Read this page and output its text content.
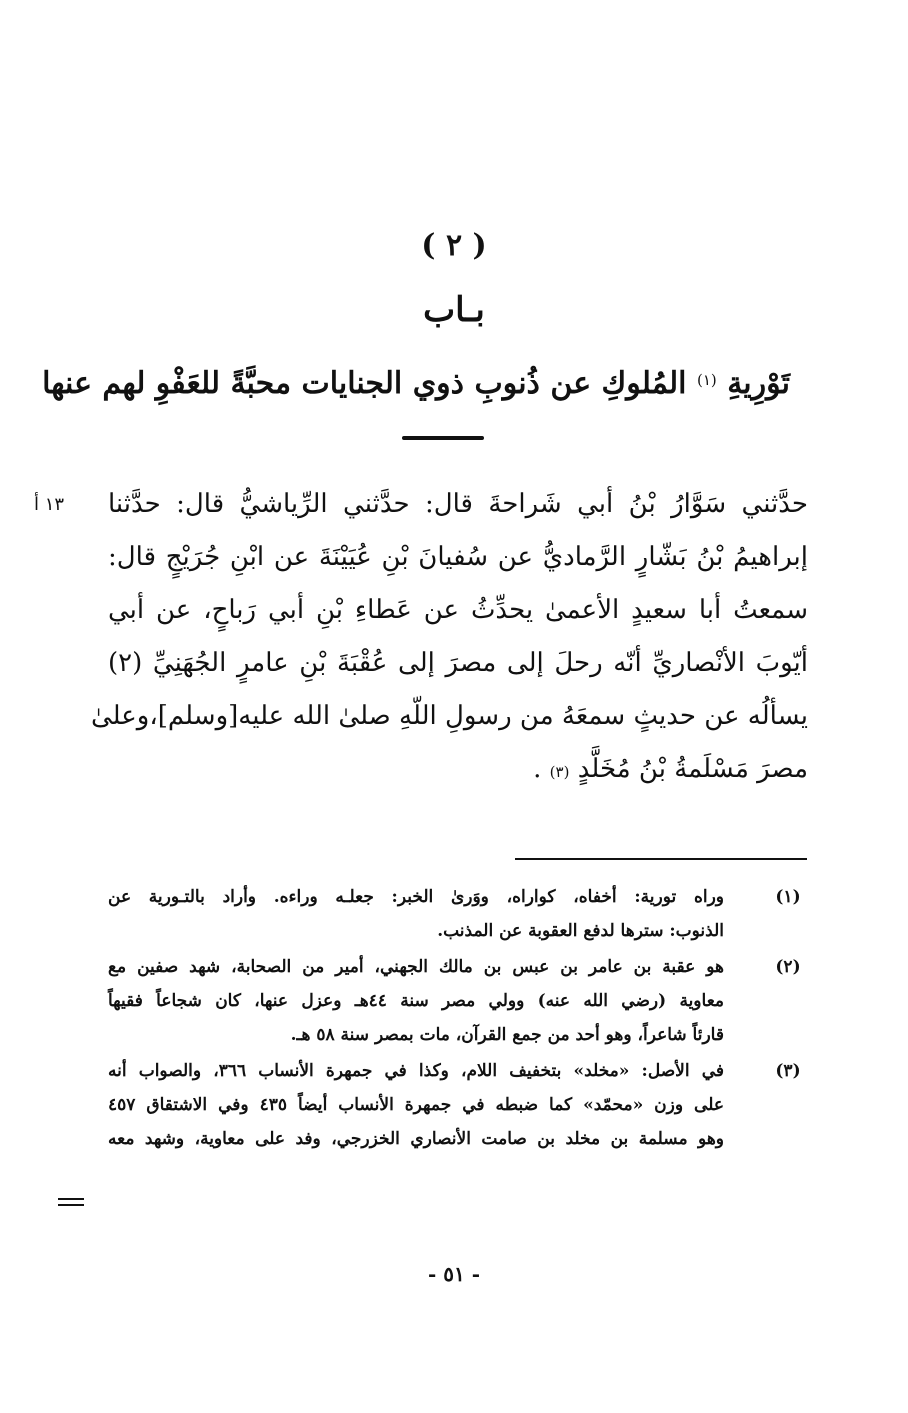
( ٢ )
بـاب
تَوْرِيةِ $^{(١)}$ المُلوكِ عن ذُنوبِ ذوي الجنايات محبَّةً للعَفْوِ لهم عنها
١٣ أ	حدَّثني سَوَّارُ بْنُ أبي شَراحةَ قال: حدَّثني الرِّياشيُّ قال: حدَّثنا
إبراهيمُ بْنُ بَشّارٍ الرَّماديُّ عن سُفيانَ بْنِ عُيَيْنَةَ عن ابْنِ جُرَيْجٍ قال:
سمعتُ أبا سعيدٍ الأعمىٰ يحدِّثُ عن عَطاءِ بْنِ أبي رَباحٍ، عن أبي
أيّوبَ الأنْصاريِّ أنّه رحلَ إلى مصرَ إلى عُقْبَةَ بْنِ عامرٍ الجُهَنِيِّ (٢)
يسألُه عن حديثٍ سمعَهُ من رسولِ اللّهِ صلىٰ الله عليه[وسلم]،وعلىٰ
مصرَ مَسْلَمةُ بْنُ مُخَلَّدٍ (٣) .
(١)
وراه تورية: أخفاه، كواراه، ووَرىٰ الخبر: جعلـه وراءه. وأراد بالتـورية عن
الذنوب: سترها لدفع العقوبة عن المذنب.
(٢)
هو عقبة بن عامر بن عبس بن مالك الجهني، أمير من الصحابة، شهد صفين مع
معاوية (رضي الله عنه) وولي مصر سنة ٤٤هـ وعزل عنها، كان شجاعاً فقيهاً
قارئاً شاعراً، وهو أحد من جمع القرآن، مات بمصر سنة ٥٨ هـ.
(٣)
في الأصل: «مخلد» بتخفيف اللام، وكذا في جمهرة الأنساب ٣٦٦، والصواب أنه
على وزن «محمّد» كما ضبطه في جمهرة الأنساب أيضاً ٤٣٥ وفي الاشتقاق ٤٥٧
وهو مسلمة بن مخلد بن صامت الأنصاري الخزرجي، وفد على معاوية، وشهد معه
- ٥١ -
